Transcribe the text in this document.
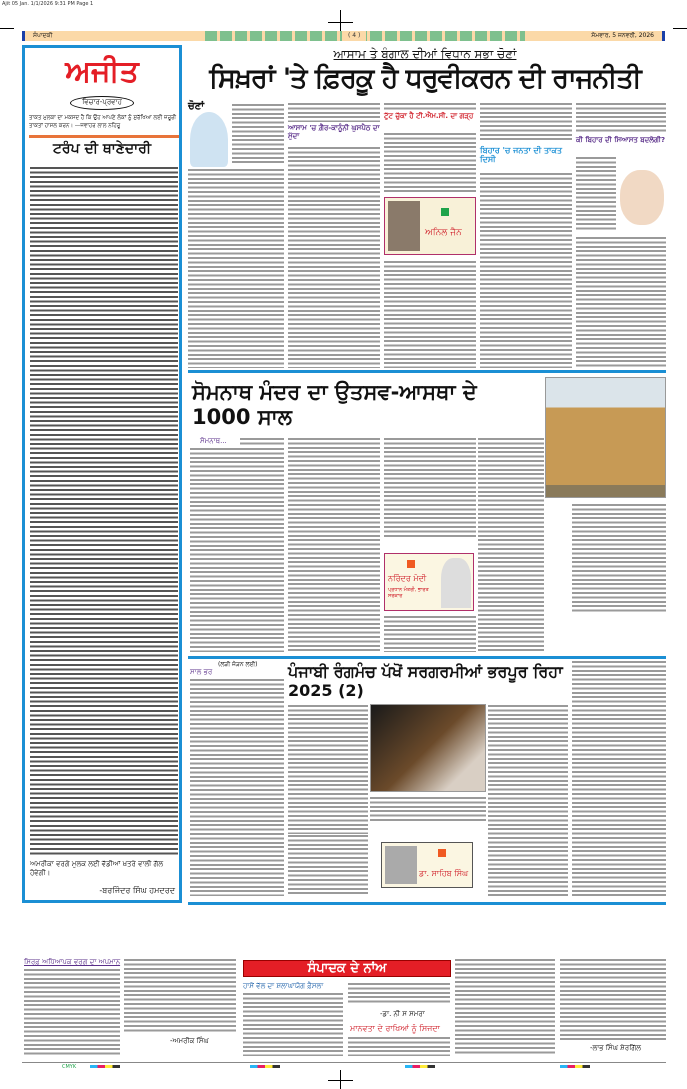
Ajit 05 Jan. 1/1/2026 9:31 PM Page 1
ਸੰਪਾਦਕੀ	( 4 )	ਸੋਮਵਾਰ, 5 ਜਨਵਰੀ, 2026
ਅਜੀਤ
ਵਿਚਾਰ-ਪ੍ਰਵਾਹ
ਤਾਕਤ ਮੁਲਕਾ ਦਾ ਮਕਸਦ ਹੈ ਕਿ ਉਹ ਆਪਣੇ ਲੋਕਾਂ ਨੂੰ ਸੁਰੱਖਿਆ ਲਈ ਜ਼ਰੂਰੀ ਤਾਕਤਾਂ ਹਾਸਲ ਕਰਨ। —ਜਵਾਹਰ ਲਾਲ ਨਹਿਰੂ
ਟਰੰਪ ਦੀ ਥਾਣੇਦਾਰੀ
ਅਮਰੀਕਾ ਵਰਗੇ ਮੁਲਕ ਲਈ ਵੱਡੀਆਂ ਖ਼ਤਰੇ ਵਾਲੀ ਗੱਲ ਹੋਵੇਗੀ।
-ਬਰਜਿੰਦਰ ਸਿੰਘ ਹਮਦਰਦ
ਆਸਾਮ ਤੇ ਬੰਗਾਲ ਦੀਆਂ ਵਿਧਾਨ ਸਭਾ ਚੋਣਾਂ
ਸਿਖ਼ਰਾਂ 'ਤੇ ਫ਼ਿਰਕੂ ਹੈ ਧਰੁਵੀਕਰਨ ਦੀ ਰਾਜਨੀਤੀ
ਚੋਣਾਂ
ਆਸਾਮ 'ਚ ਗ਼ੈਰ-ਕਾਨੂੰਨੀ ਘੁਸਪੈਠ ਦਾ ਮੁੱਦਾ
ਟੁੱਟ ਚੁੱਕਾ ਹੈ ਟੀ.ਐਮ.ਸੀ. ਦਾ ਗੜ੍ਹ
ਅਨਿਲ ਜੈਨ
ਬਿਹਾਰ 'ਚ ਜਨਤਾ ਦੀ ਤਾਕਤ ਦਿਸੀ
ਕੀ ਬਿਹਾਰ ਦੀ ਸਿਆਸਤ ਬਦਲੇਗੀ?
ਸੋਮਨਾਥ ਮੰਦਰ ਦਾ ਉਤਸਵ-ਆਸਥਾ ਦੇ 1000 ਸਾਲ
ਸੋਮਨਾਥ...
ਨਰਿੰਦਰ ਮੋਦੀ
ਪ੍ਰਧਾਨ ਮੰਤਰੀ, ਭਾਰਤ ਸਰਕਾਰ
(ਲੜੀ ਜੋੜਨ ਲਈ)
ਸਾਲ ਭਰ	ਪੰਜਾਬੀ ਰੰਗਮੰਚ ਪੱਖੋਂ ਸਰਗਰਮੀਆਂ ਭਰਪੂਰ ਰਿਹਾ 2025 (2)
ਡਾ. ਸਾਹਿਬ ਸਿੰਘ
ਸਿਰਫ਼ ਅਧਿਆਪਕ ਵਰਗ ਦਾ ਅਪਮਾਨ
-ਅਮਰੀਕ ਸਿੰਘ
ਸੰਪਾਦਕ ਦੇ ਨਾਂਅ
ਹਾਸੋਂ ਵੱਲ ਦਾ ਸ਼ਲਾਘਾਯੋਗ ਫ਼ੈਸਲਾ
-ਡਾ. ਨੀ ਸ ਸਮਰਾ
ਮਾਨਵਤਾ ਦੇ ਰਾਖਿਆਂ ਨੂੰ ਸਿਜਦਾ
-ਲਾਭ ਸਿੰਘ ਸ਼ੇਰਗਿੱਲ
CMYK
